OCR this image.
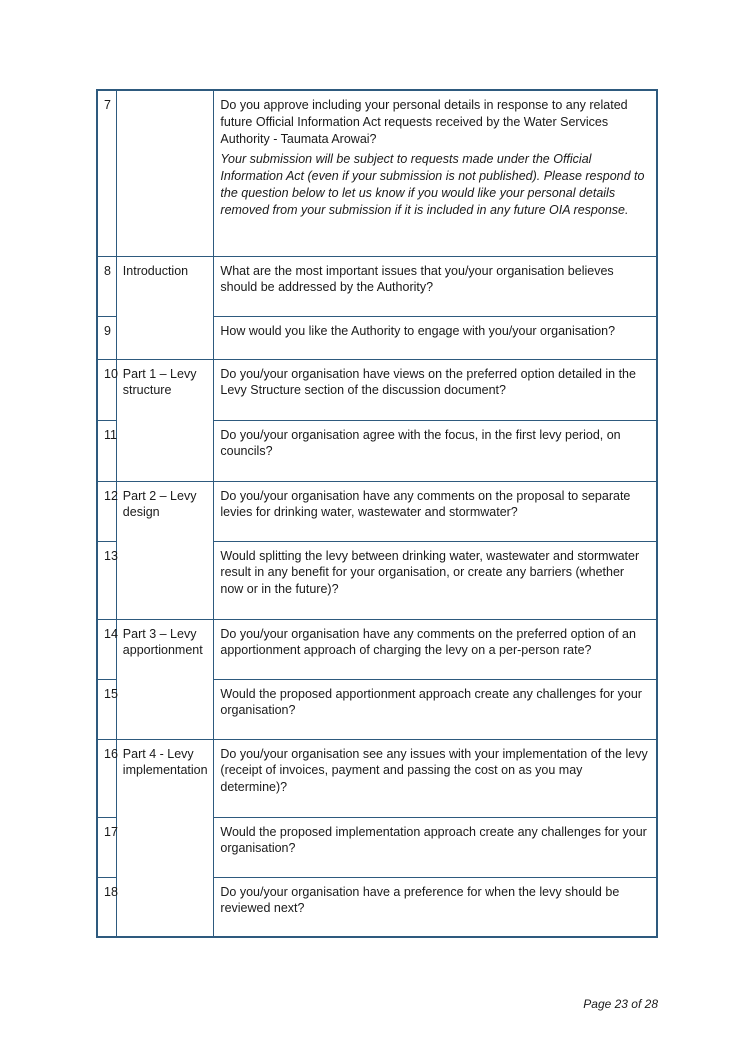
7		Do you approve including your personal details in response to any related future Official Information Act requests received by the Water Services Authority - Taumata Arowai?

Your submission will be subject to requests made under the Official Information Act (even if your submission is not published). Please respond to the question below to let us know if you would like your personal details removed from your submission if it is included in any future OIA response.

8	Introduction	What are the most important issues that you/your organisation believes should be addressed by the Authority?
9		How would you like the Authority to engage with you/your organisation?
10	Part 1 – Levy structure	Do you/your organisation have views on the preferred option detailed in the Levy Structure section of the discussion document?
11		Do you/your organisation agree with the focus, in the first levy period, on councils?
12	Part 2 – Levy design	Do you/your organisation have any comments on the proposal to separate levies for drinking water, wastewater and stormwater?
13		Would splitting the levy between drinking water, wastewater and stormwater result in any benefit for your organisation, or create any barriers (whether now or in the future)?
14	Part 3 – Levy apportionment	Do you/your organisation have any comments on the preferred option of an apportionment approach of charging the levy on a per-person rate?
15		Would the proposed apportionment approach create any challenges for your organisation?
16	Part 4 - Levy implementation	Do you/your organisation see any issues with your implementation of the levy (receipt of invoices, payment and passing the cost on as you may determine)?
17		Would the proposed implementation approach create any challenges for your organisation?
18		Do you/your organisation have a preference for when the levy should be reviewed next?
Page 23 of 28
